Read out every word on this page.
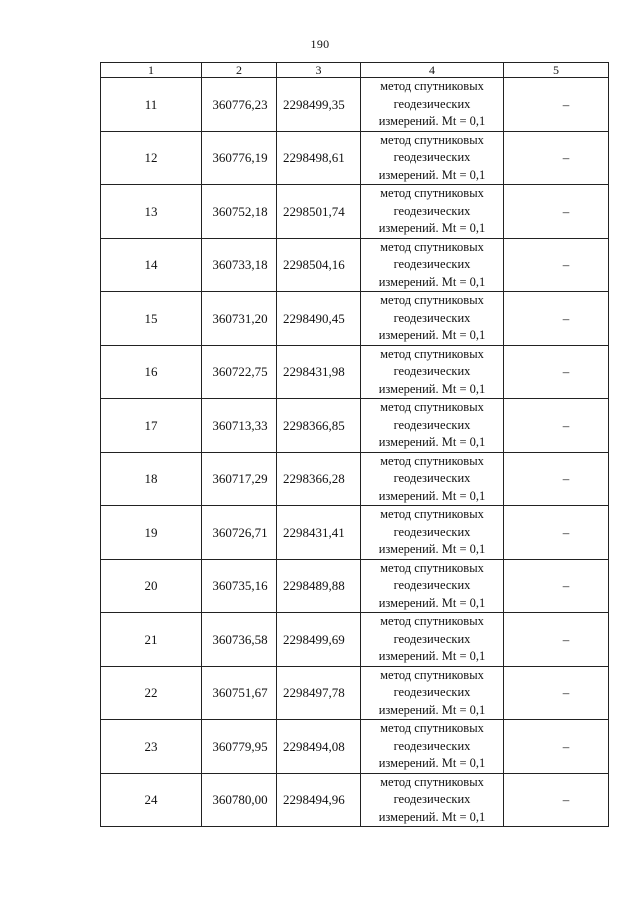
190
1	2	3	4	5
11	360776,23	2298499,35	метод спутниковых
геодезических
измерений. Mt = 0,1	–
12	360776,19	2298498,61	метод спутниковых
геодезических
измерений. Mt = 0,1	–
13	360752,18	2298501,74	метод спутниковых
геодезических
измерений. Mt = 0,1	–
14	360733,18	2298504,16	метод спутниковых
геодезических
измерений. Mt = 0,1	–
15	360731,20	2298490,45	метод спутниковых
геодезических
измерений. Mt = 0,1	–
16	360722,75	2298431,98	метод спутниковых
геодезических
измерений. Mt = 0,1	–
17	360713,33	2298366,85	метод спутниковых
геодезических
измерений. Mt = 0,1	–
18	360717,29	2298366,28	метод спутниковых
геодезических
измерений. Mt = 0,1	–
19	360726,71	2298431,41	метод спутниковых
геодезических
измерений. Mt = 0,1	–
20	360735,16	2298489,88	метод спутниковых
геодезических
измерений. Mt = 0,1	–
21	360736,58	2298499,69	метод спутниковых
геодезических
измерений. Mt = 0,1	–
22	360751,67	2298497,78	метод спутниковых
геодезических
измерений. Mt = 0,1	–
23	360779,95	2298494,08	метод спутниковых
геодезических
измерений. Mt = 0,1	–
24	360780,00	2298494,96	метод спутниковых
геодезических
измерений. Mt = 0,1	–
